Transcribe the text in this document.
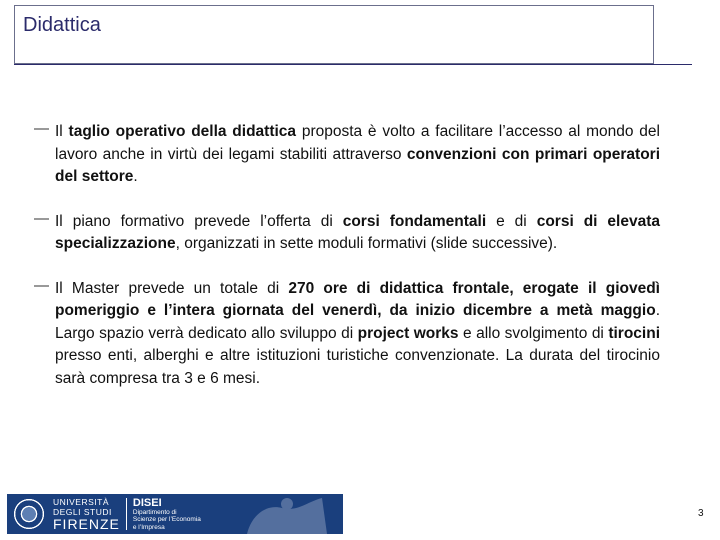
Didattica
— Il taglio operativo della didattica proposta è volto a facilitare l’accesso al mondo del lavoro anche in virtù dei legami stabiliti attraverso convenzioni con primari operatori del settore.
— Il piano formativo prevede l’offerta di corsi fondamentali e di corsi di elevata specializzazione, organizzati in sette moduli formativi (slide successive).
— Il Master prevede un totale di 270 ore di didattica frontale, erogate il giovedì pomeriggio e l’intera giornata del venerdì, da inizio dicembre a metà maggio. Largo spazio verrà dedicato allo sviluppo di project works e allo svolgimento di tirocini presso enti, alberghi e altre istituzioni turistiche convenzionate. La durata del tirocinio sarà compresa tra 3 e 6 mesi.
UNIVERSITÀ
DEGLI STUDI
FIRENZE
DISEI
Dipartimento di
Scienze per l’Economia
e l’Impresa
3
